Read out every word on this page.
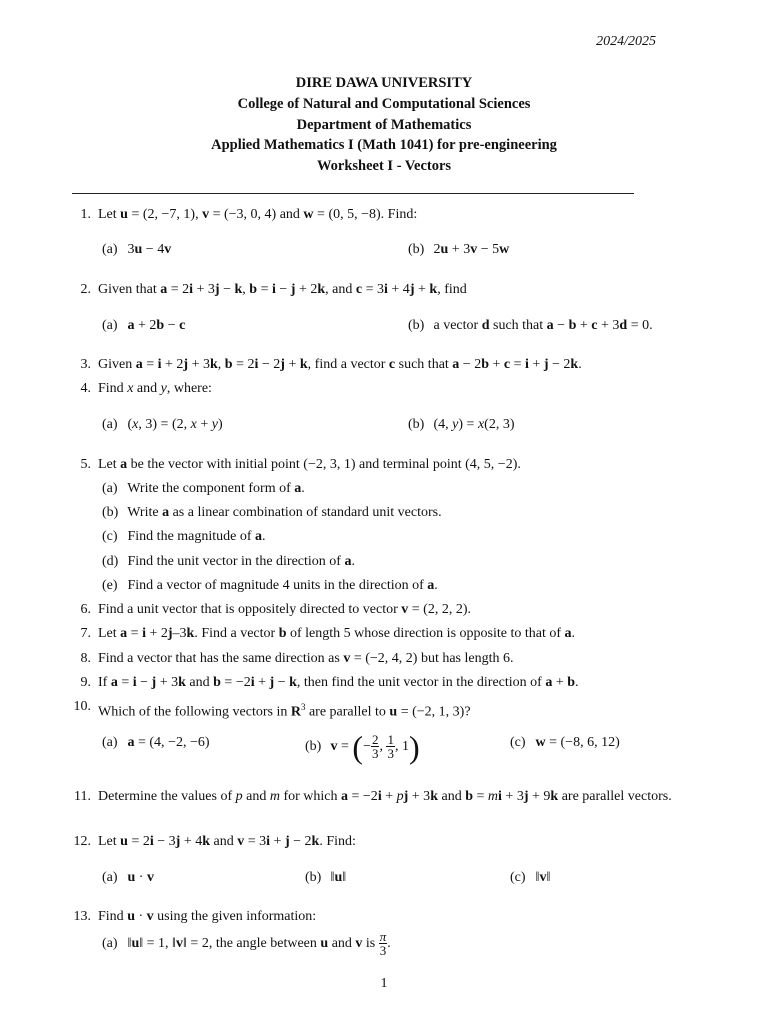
2024/2025
DIRE DAWA UNIVERSITY
College of Natural and Computational Sciences
Department of Mathematics
Applied Mathematics I (Math 1041) for pre-engineering
Worksheet I - Vectors
1. Let u = (2, −7, 1), v = (−3, 0, 4) and w = (0, 5, −8). Find:
(a) 3u − 4v	(b) 2u + 3v − 5w
2. Given that a = 2i + 3j − k, b = i − j + 2k, and c = 3i + 4j + k, find
(a) a + 2b − c	(b) a vector d such that a − b + c + 3d = 0.
3. Given a = i + 2j + 3k, b = 2i − 2j + k, find a vector c such that a − 2b + c = i + j − 2k.
4. Find x and y, where:
(a) (x, 3) = (2, x + y)	(b) (4, y) = x(2, 3)
5. Let a be the vector with initial point (−2, 3, 1) and terminal point (4, 5, −2).
(a) Write the component form of a.
(b) Write a as a linear combination of standard unit vectors.
(c) Find the magnitude of a.
(d) Find the unit vector in the direction of a.
(e) Find a vector of magnitude 4 units in the direction of a.
6. Find a unit vector that is oppositely directed to vector v = (2, 2, 2).
7. Let a = i + 2j–3k. Find a vector b of length 5 whose direction is opposite to that of a.
8. Find a vector that has the same direction as v = (−2, 4, 2) but has length 6.
9. If a = i − j + 3k and b = −2i + j − k, then find the unit vector in the direction of a + b.
10. Which of the following vectors in $R^3$ are parallel to u = (−2, 1, 3)?
(a) a = (4, −2, −6)	(b) v = (− $\frac{2}{3}$ , $\frac{1}{3}$ , 1)	(c) w = (−8, 6, 12)
11. Determine the values of p and m for which a = −2i + pj + 3k and b = mi + 3j + 9k are parallel vectors.
12. Let u = 2i − 3j + 4k and v = 3i + j − 2k. Find:
(a) u · v	(b) ‖u‖	(c) ‖v‖
13. Find u · v using the given information:
(a) ‖u‖ = 1, ‖v‖ = 2, the angle between u and v is $\frac{\pi}{3}$ .
1
